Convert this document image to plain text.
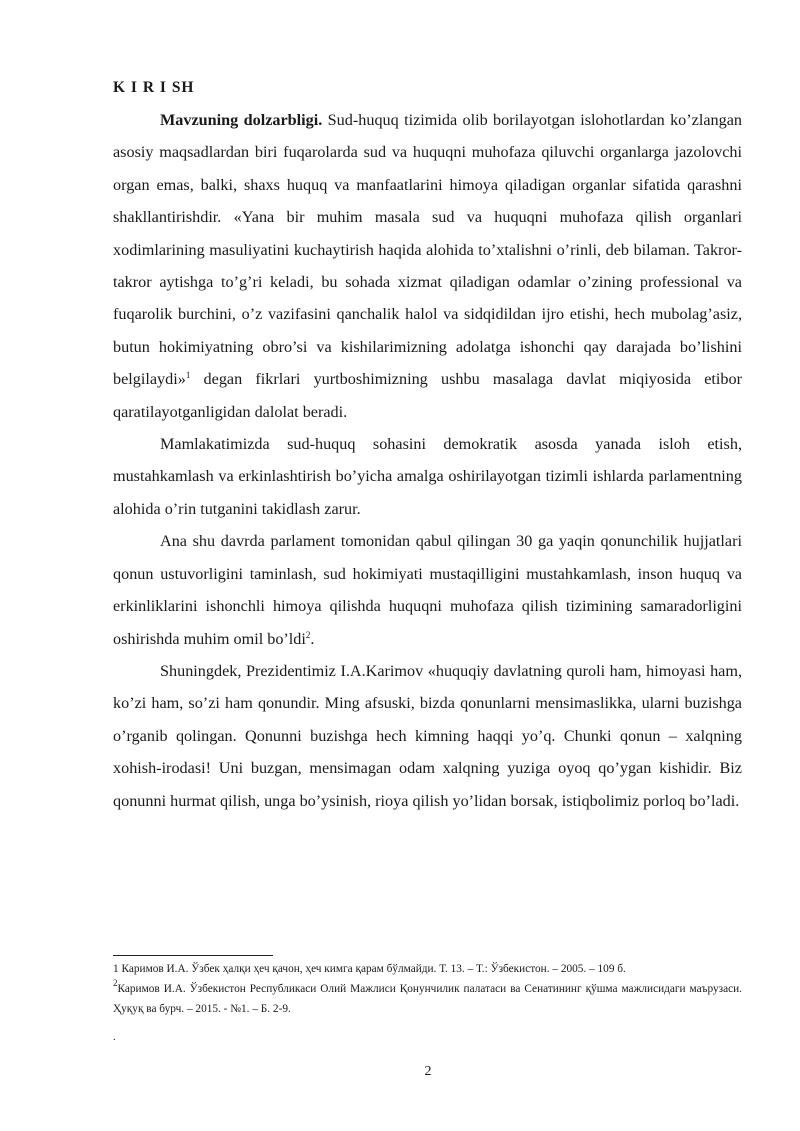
K I R I SH

Mavzuning dolzarbligi. Sud-huquq tizimida olib borilayotgan islohotlardan ko’zlangan asosiy maqsadlardan biri fuqarolarda sud va huquqni muhofaza qiluvchi organlarga jazolovchi organ emas, balki, shaxs huquq va manfaatlarini himoya qiladigan organlar sifatida qarashni shakllantirishdir. «Yana bir muhim masala sud va huquqni muhofaza qilish organlari xodimlarining masuliyatini kuchaytirish haqida alohida to’xtalishni o’rinli, deb bilaman. Takror-takror aytishga to’g’ri keladi, bu sohada xizmat qiladigan odamlar o’zining professional va fuqarolik burchini, o’z vazifasini qanchalik halol va sidqidildan ijro etishi, hech mubolag’asiz, butun hokimiyatning obro’si va kishilarimizning adolatga ishonchi qay darajada bo’lishini belgilaydi»$^1$ degan fikrlari yurtboshimizning ushbu masalaga davlat miqiyosida etibor qaratilayotganligidan dalolat beradi.

Mamlakatimizda sud-huquq sohasini demokratik asosda yanada isloh etish, mustahkamlash va erkinlashtirish bo’yicha amalga oshirilayotgan tizimli ishlarda parlamentning alohida o’rin tutganini takidlash zarur.

Ana shu davrda parlament tomonidan qabul qilingan 30 ga yaqin qonunchilik hujjatlari qonun ustuvorligini taminlash, sud hokimiyati mustaqilligini mustahkamlash, inson huquq va erkinliklarini ishonchli himoya qilishda huquqni muhofaza qilish tizimining samaradorligini oshirishda muhim omil bo’ldi$^2$.

Shuningdek, Prezidentimiz I.A.Karimov «huquqiy davlatning quroli ham, himoyasi ham, ko’zi ham, so’zi ham qonundir. Ming afsuski, bizda qonunlarni mensimaslikka, ularni buzishga o’rganib qolingan. Qonunni buzishga hech kimning haqqi yo’q. Chunki qonun – xalqning xohish-irodasi! Uni buzgan, mensimagan odam xalqning yuziga oyoq qo’ygan kishidir. Biz qonunni hurmat qilish, unga bo’ysinish, rioya qilish yo’lidan borsak, istiqbolimiz porloq bo’ladi.

1 Каримов И.А. Ўзбек ҳалқи ҳеч қачон, ҳеч кимга қарам бўлмайди. Т. 13. – Т.: Ўзбекистон. – 2005. – 109 б.

$^2$Каримов И.А. Ўзбекистон Республикаси Олий Мажлиси Қонунчилик палатаси ва Сенатининг қўшма мажлисидаги маърузаси. Ҳуқуқ ва бурч. – 2015. - №1. – Б. 2-9.

.
2
